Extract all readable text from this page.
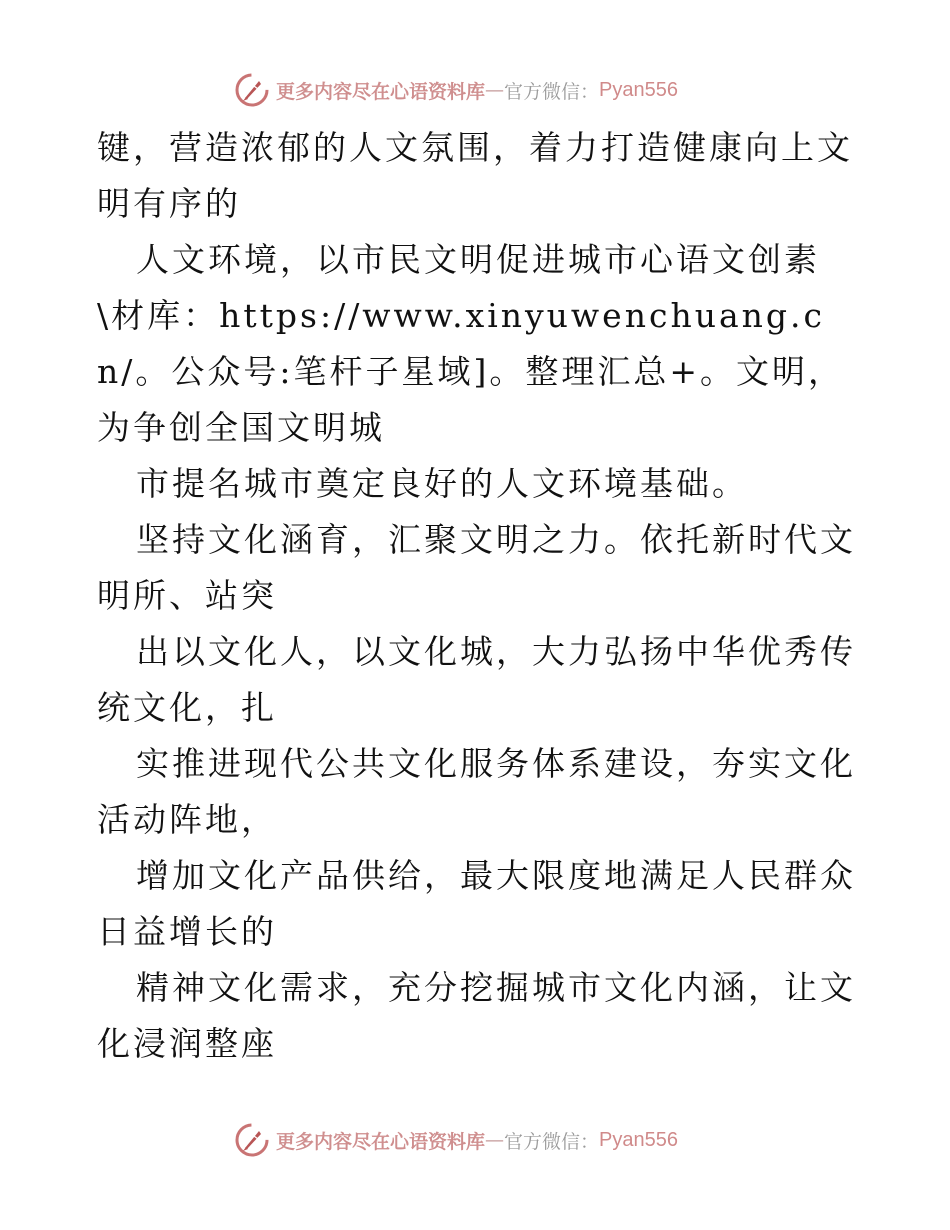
更多内容尽在心语资料库 — 官方微信： Pyan556

键，营造浓郁的人文氛围，着力打造健康向上文明有序的

人文环境，以市民文明促进城市心语文创素\材库：https://www.xinyuwenchuang.cn/。公众号:笔杆子星域]。整理汇总+。文明，为争创全国文明城

市提名城市奠定良好的人文环境基础。

坚持文化涵育，汇聚文明之力。依托新时代文明所、站突

出以文化人，以文化城，大力弘扬中华优秀传统文化，扎

实推进现代公共文化服务体系建设，夯实文化活动阵地，

增加文化产品供给，最大限度地满足人民群众日益增长的

精神文化需求，充分挖掘城市文化内涵，让文化浸润整座

更多内容尽在心语资料库 — 官方微信： Pyan556
